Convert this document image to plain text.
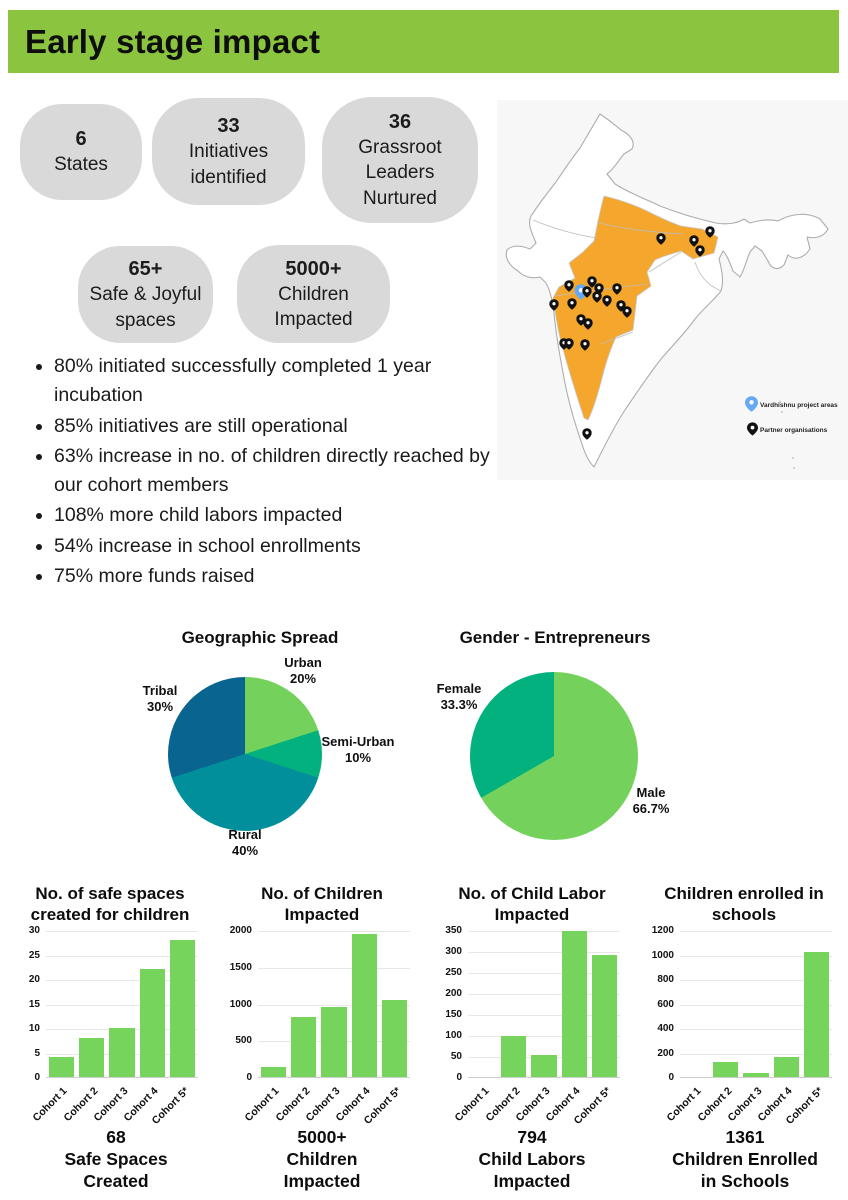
Early stage impact
6
States
33
Initiatives identified
36
Grassroot Leaders Nurtured
65+
Safe & Joyful spaces
5000+
Children Impacted
• 80% initiated successfully completed 1 year incubation
• 85% initiatives are still operational
• 63% increase in no. of children directly reached by our cohort members
• 108% more child labors impacted
• 54% increase in school enrollments
• 75% more funds raised
Vardhishnu project areas
Partner organisations
Geographic Spread
Urban
20%
Semi-Urban
10%
Rural
40%
Tribal
30%
Gender - Entrepreneurs
Male
66.7%
Female
33.3%
No. of safe spaces created for children
0
5
10
15
20
25
30
Cohort 1
Cohort 2
Cohort 3
Cohort 4
Cohort 5*
No. of Children Impacted
0
500
1000
1500
2000
Cohort 1
Cohort 2
Cohort 3
Cohort 4
Cohort 5*
No. of Child Labor Impacted
0
50
100
150
200
250
300
350
Cohort 1
Cohort 2
Cohort 3
Cohort 4
Cohort 5*
Children enrolled in schools
0
200
400
600
800
1000
1200
Cohort 1
Cohort 2
Cohort 3
Cohort 4
Cohort 5*
68
Safe Spaces
Created
5000+
Children
Impacted
794
Child Labors
Impacted
1361
Children Enrolled
in Schools
